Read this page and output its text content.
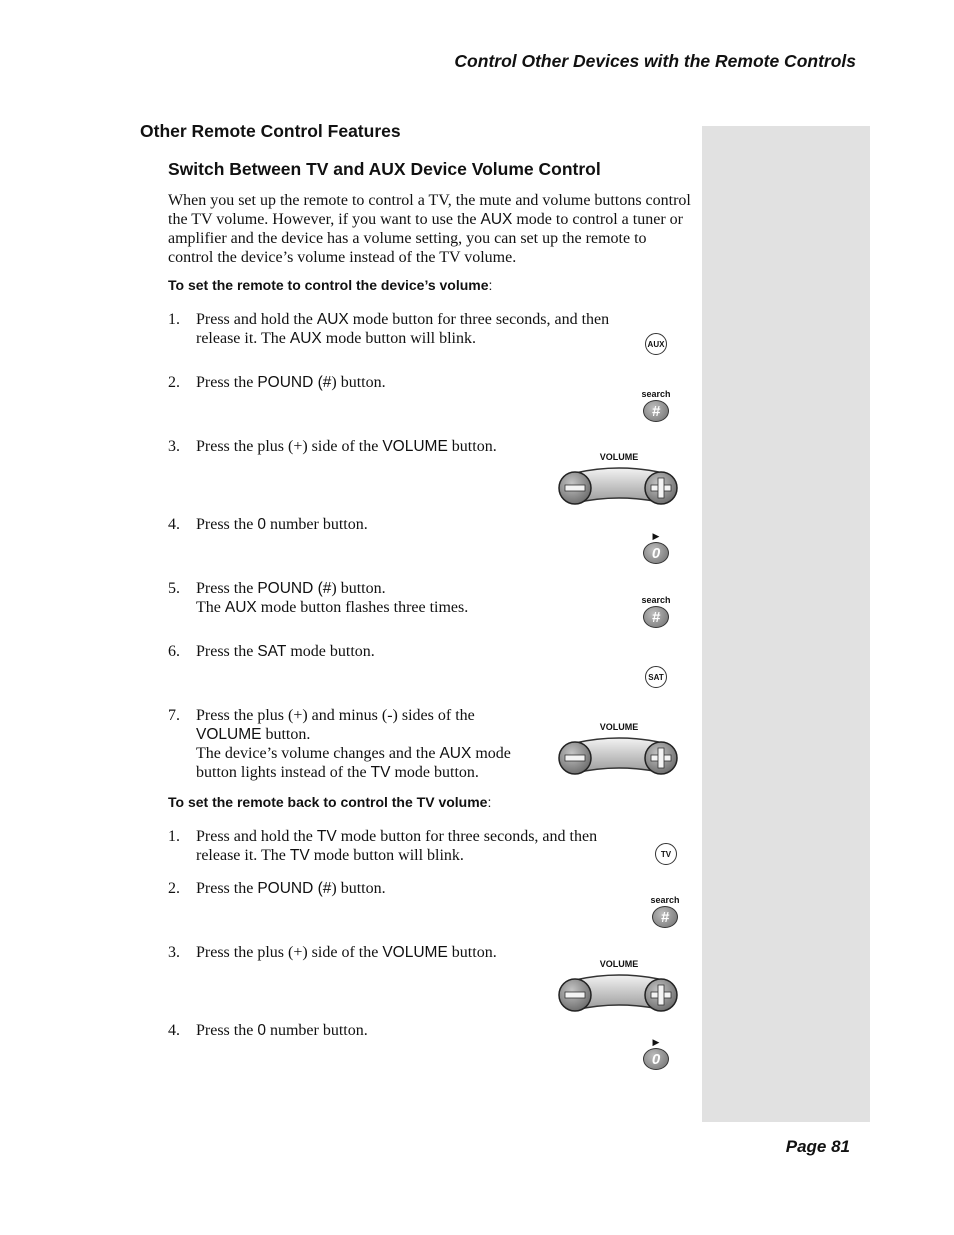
Control Other Devices with the Remote Controls
Other Remote Control Features
Switch Between TV and AUX Device Volume Control
When you set up the remote to control a TV, the mute and volume buttons control the TV volume. However, if you want to use the AUX mode to control a tuner or amplifier and the device has a volume setting, you can set up the remote to control the device’s volume instead of the TV volume.
To set the remote to control the device’s volume:
1. Press and hold the AUX mode button for three seconds, and then release it. The AUX mode button will blink.
2. Press the POUND (#) button.
3. Press the plus (+) side of the VOLUME button.
4. Press the 0 number button.
5. Press the POUND (#) button.
The AUX mode button flashes three times.
6. Press the SAT mode button.
7. Press the plus (+) and minus (-) sides of the
VOLUME button.
The device’s volume changes and the AUX mode button lights instead of the TV mode button.
To set the remote back to control the TV volume:
1. Press and hold the TV mode button for three seconds, and then release it. The TV mode button will blink.
2. Press the POUND (#) button.
3. Press the plus (+) side of the VOLUME button.
4. Press the 0 number button.
AUX
search
#
VOLUME
▶
0
search
#
SAT
VOLUME
TV
search
#
VOLUME
▶
0
Page 81
